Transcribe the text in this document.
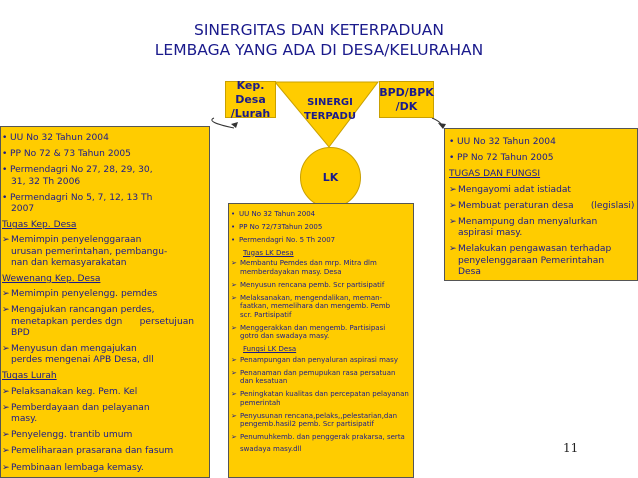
SINERGITAS DAN KETERPADUAN
LEMBAGA YANG ADA DI DESA/KELURAHAN
Kep. Desa
/Lurah
BPD/BPK
/DK
SINERGI
TERPADU
LK
• UU No 32 Tahun 2004
• PP No 72 & 73 Tahun 2005
• Permendagri No 27, 28, 29, 30,
31, 32 Th 2006
• Permendagri No 5, 7, 12, 13 Th
2007
Tugas Kep. Desa
➢Memimpin penyelenggaraan
urusan pemerintahan, pembangu-
nan dan kemasyarakatan
Wewenang Kep. Desa
➢Memimpin penyelengg. pemdes
➢Mengajukan rancangan perdes,
menetapkan perdes dgn      persetujuan
BPD
➢Menyusun dan mengajukan
perdes mengenai APB Desa, dll
Tugas Lurah
➢Pelaksanakan keg. Pem. Kel
➢Pemberdayaan dan pelayanan
masy.
➢Penyelengg. trantib umum
➢Pemeliharaan prasarana dan fasum
➢Pembinaan lembaga kemasy.
• UU No 32 Tahun 2004
• PP No 72/73Tahun 2005
• Permendagri No. 5 Th 2007
Tugas LK Desa
➢ Membantu Pemdes dan mrp. Mitra dlm
memberdayakan masy. Desa
➢ Menyusun rencana pemb. Scr partisipatif
➢ Melaksanakan, mengendalikan, meman-
faatkan, memelihara dan mengemb. Pemb
scr. Partisipatif
➢ Menggerakkan dan mengemb. Partisipasi
gotro dan swadaya masy.
Fungsi LK Desa
➢ Penampungan dan penyaluran aspirasi masy
➢ Penanaman dan pemupukan rasa persatuan
dan kesatuan
➢ Peningkatan kualitas dan percepatan pelayanan
pemerintah
➢ Penyusunan rencana,pelaks,,pelestarian,dan
pengemb.hasil2 pemb. Scr partisipatif
➢ Penumuhkemb. dan penggerak prakarsa, serta
swadaya masy.dll
• UU No 32 Tahun 2004
• PP No 72 Tahun 2005
TUGAS DAN FUNGSI
➢Mengayomi adat istiadat
➢Membuat peraturan desa      (legislasi)
➢Menampung dan menyalurkan
aspirasi masy.
➢Melakukan pengawasan terhadap
penyelenggaraan Pemerintahan
Desa
11
